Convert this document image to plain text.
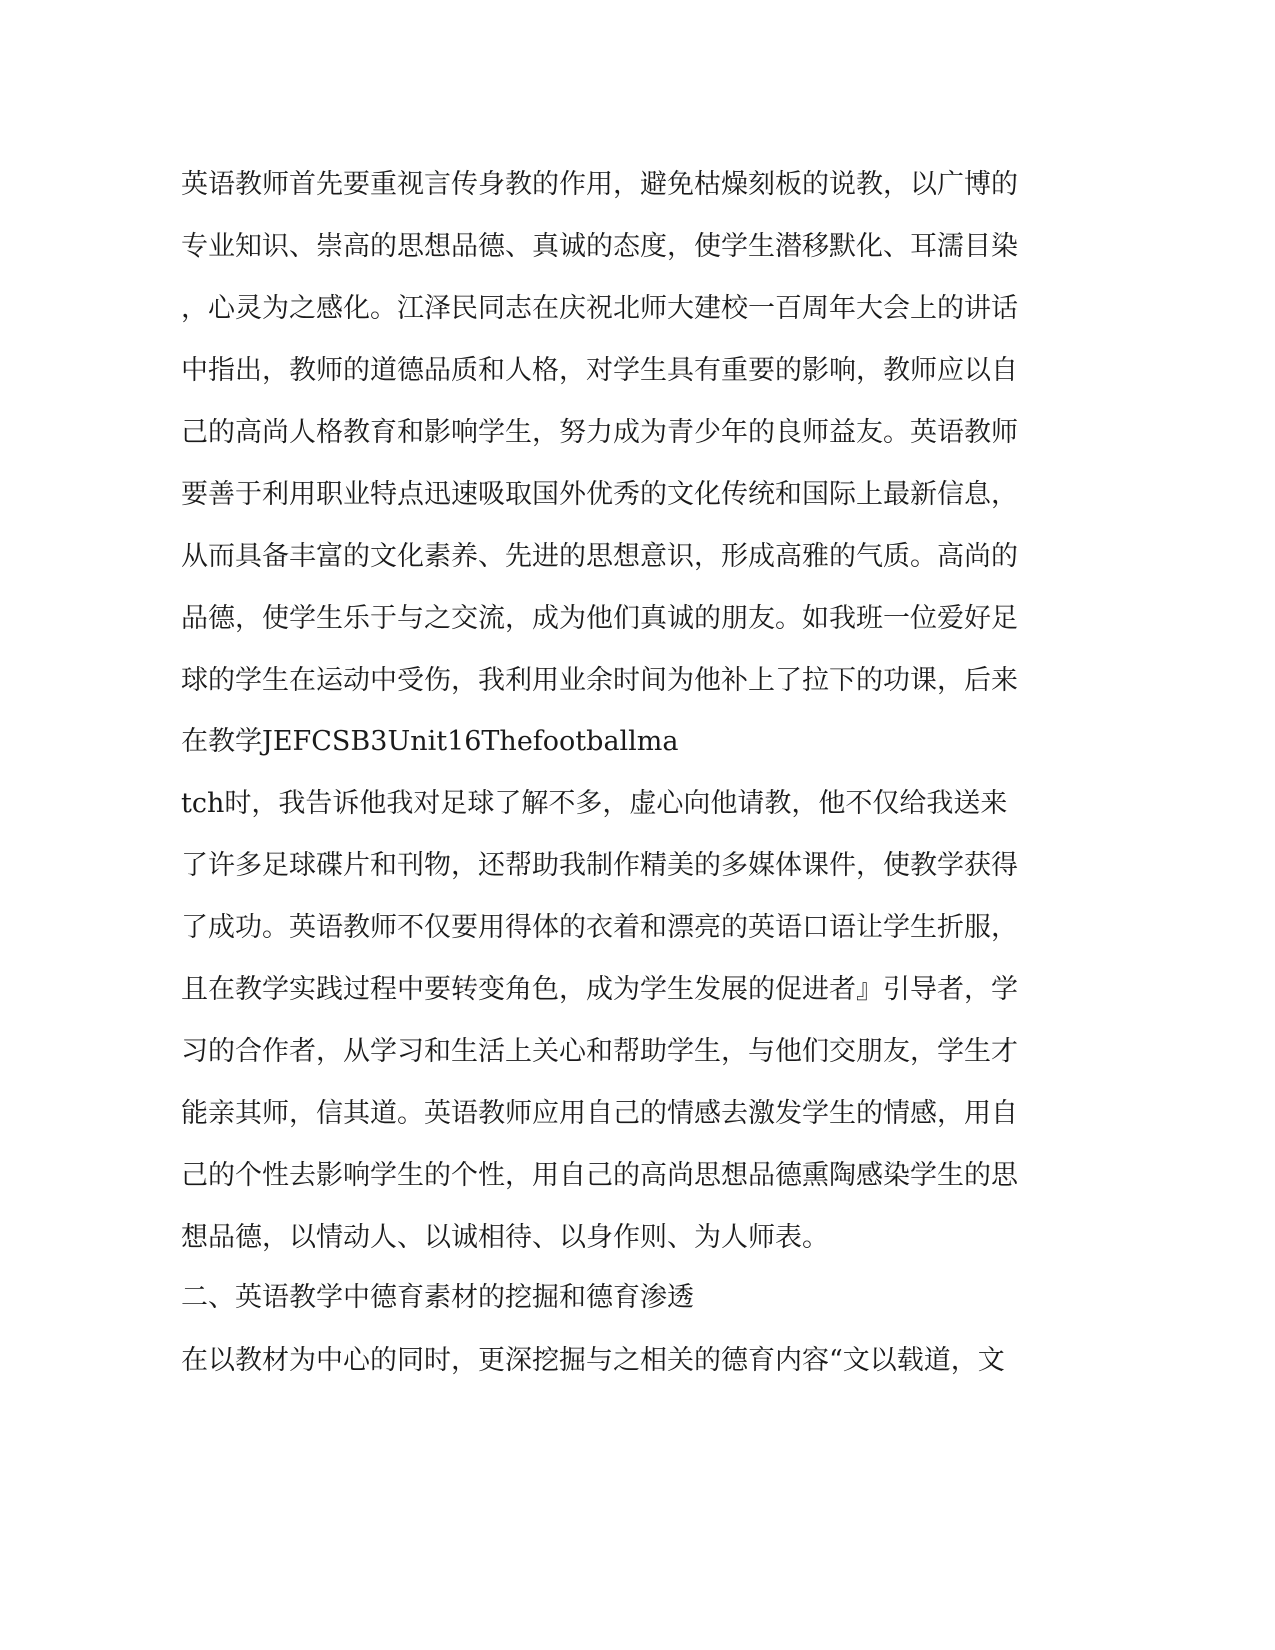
英语教师首先要重视言传身教的作用，避免枯燥刻板的说教，以广博的
专业知识、崇高的思想品德、真诚的态度，使学生潜移默化、耳濡目染
，心灵为之感化。江泽民同志在庆祝北师大建校一百周年大会上的讲话
中指出，教师的道德品质和人格，对学生具有重要的影响，教师应以自
己的高尚人格教育和影响学生，努力成为青少年的良师益友。英语教师
要善于利用职业特点迅速吸取国外优秀的文化传统和国际上最新信息，
从而具备丰富的文化素养、先进的思想意识，形成高雅的气质。高尚的
品德，使学生乐于与之交流，成为他们真诚的朋友。如我班一位爱好足
球的学生在运动中受伤，我利用业余时间为他补上了拉下的功课，后来
在教学JEFCSB3Unit16Thefootballma
tch时，我告诉他我对足球了解不多，虚心向他请教，他不仅给我送来
了许多足球碟片和刊物，还帮助我制作精美的多媒体课件，使教学获得
了成功。英语教师不仅要用得体的衣着和漂亮的英语口语让学生折服，
且在教学实践过程中要转变角色，成为学生发展的促进者』引导者，学
习的合作者，从学习和生活上关心和帮助学生，与他们交朋友，学生才
能亲其师，信其道。英语教师应用自己的情感去激发学生的情感，用自
己的个性去影响学生的个性，用自己的高尚思想品德熏陶感染学生的思
想品德，以情动人、以诚相待、以身作则、为人师表。
二、英语教学中德育素材的挖掘和德育渗透
在以教材为中心的同时，更深挖掘与之相关的德育内容“文以载道，文
